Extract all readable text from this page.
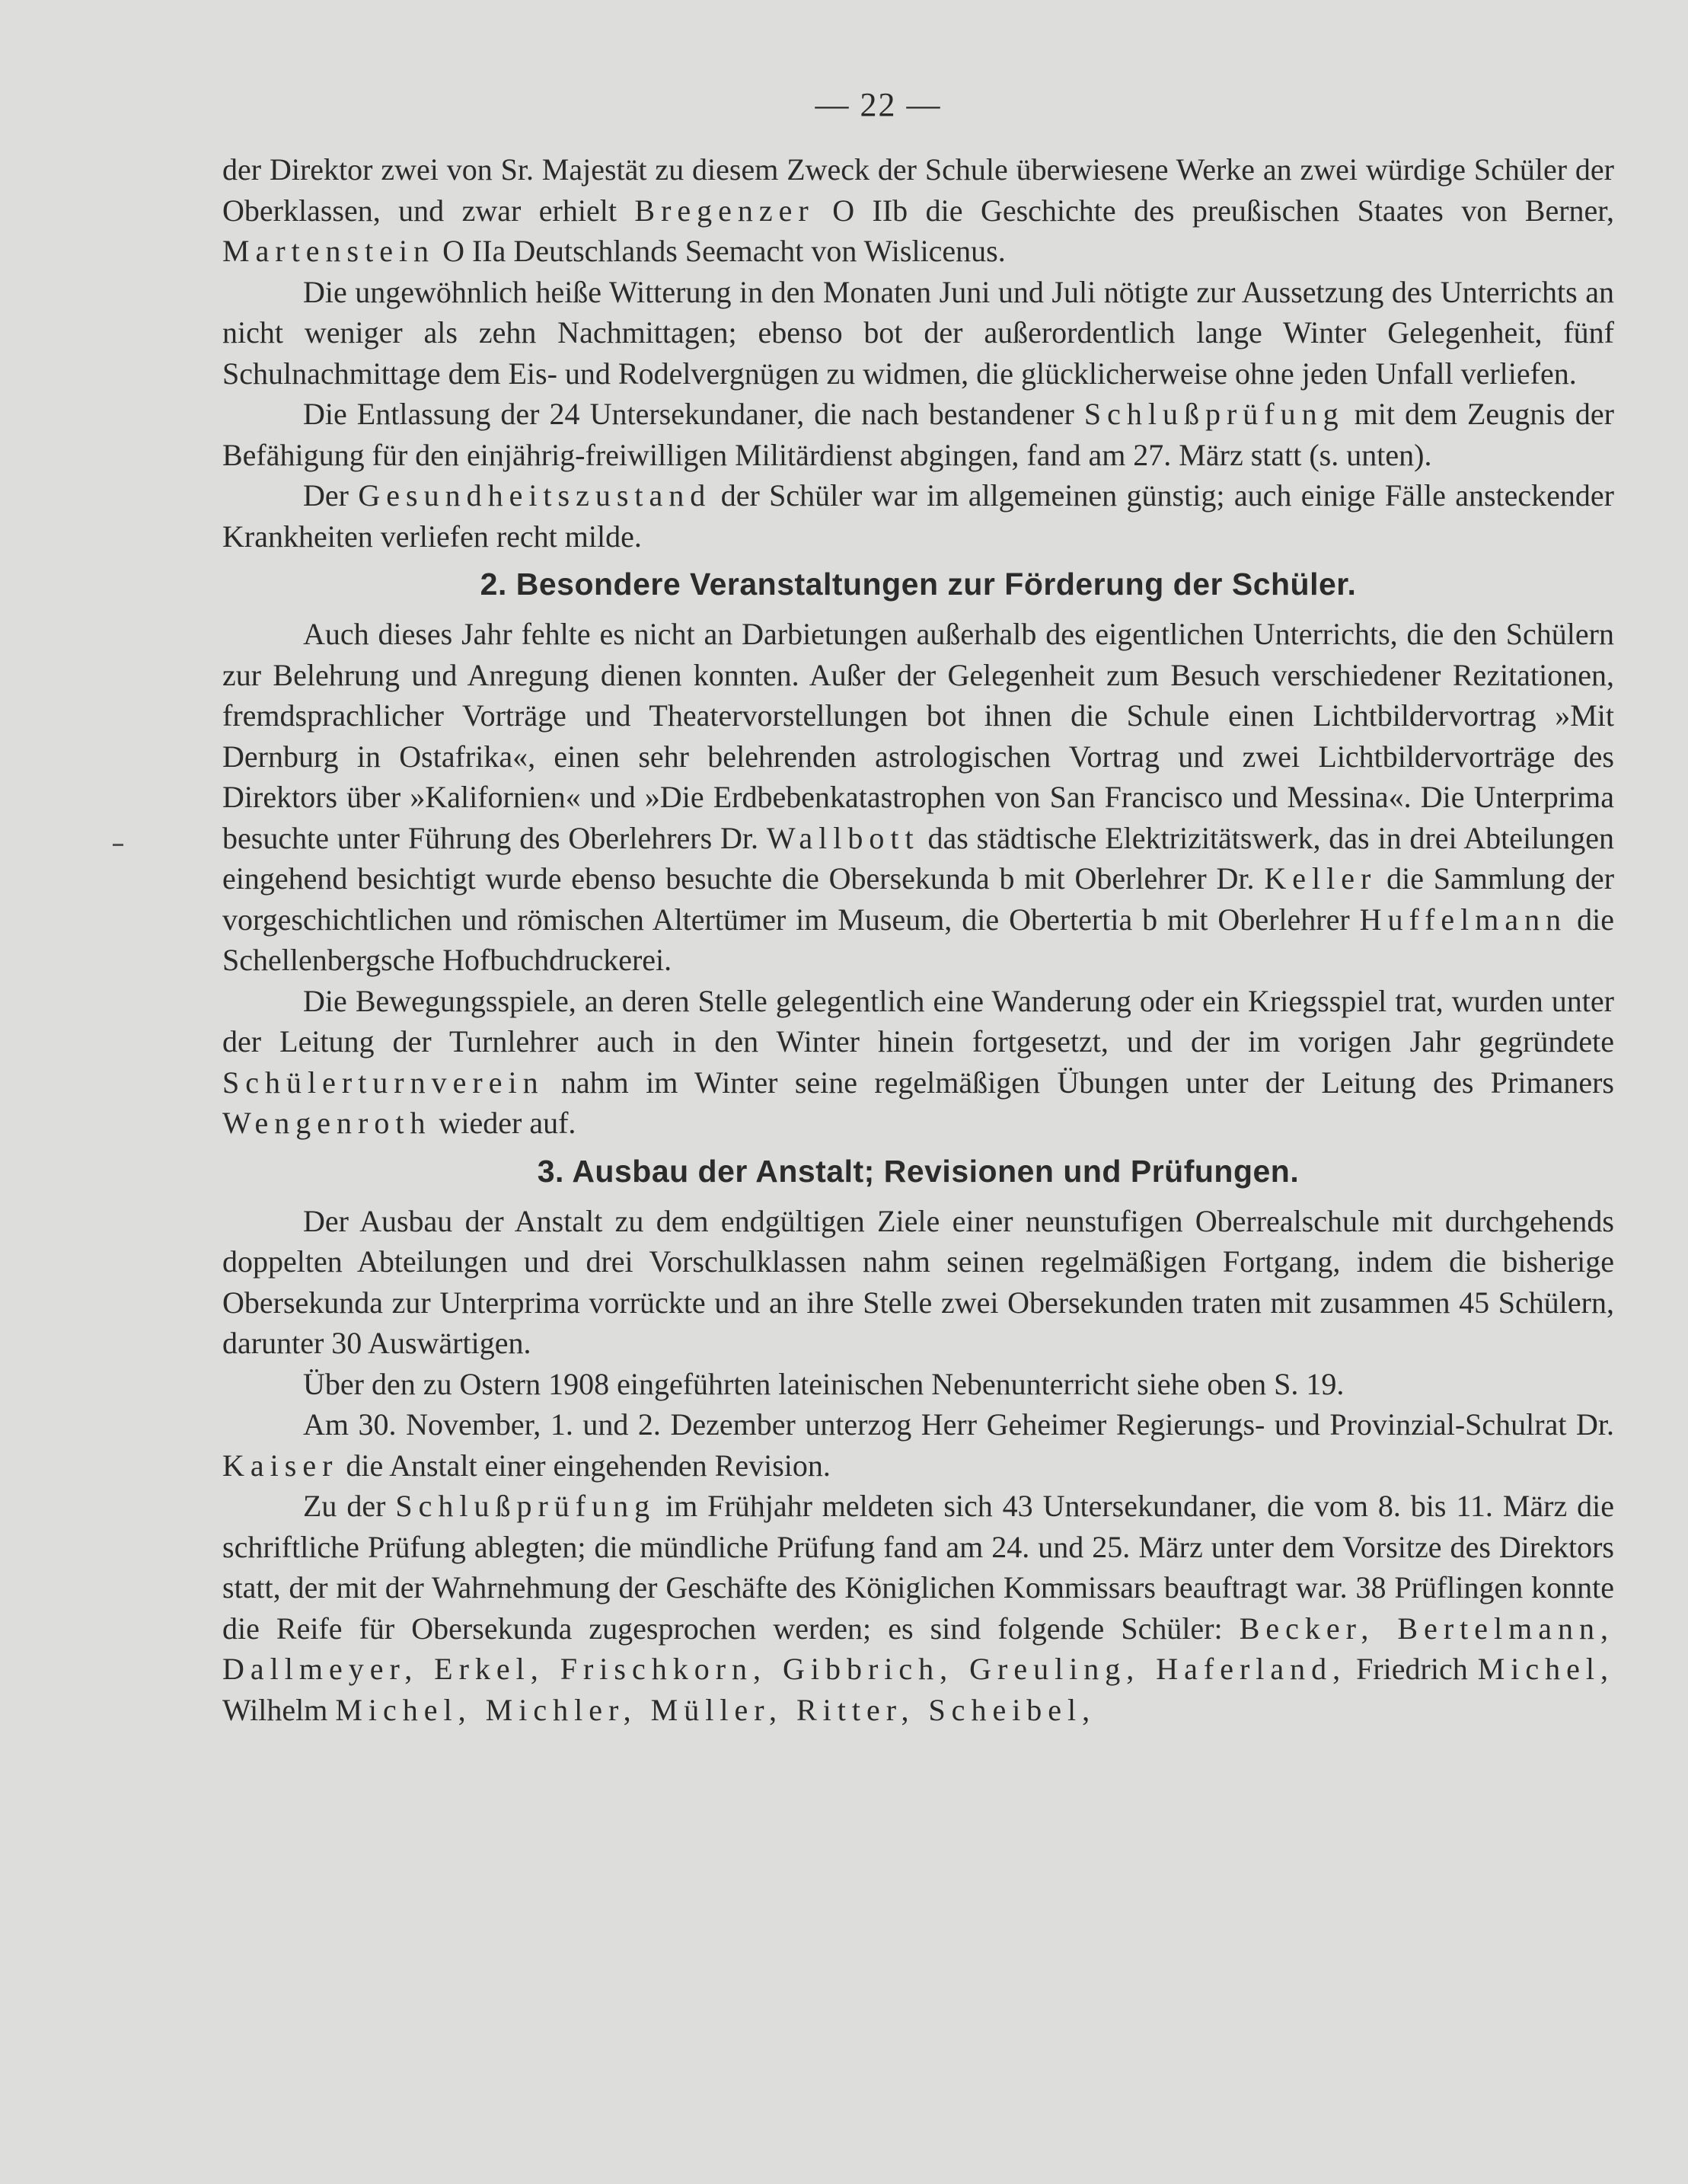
— 22 —

der Direktor zwei von Sr. Majestät zu diesem Zweck der Schule überwiesene Werke an zwei würdige Schüler der Oberklassen, und zwar erhielt Bregenzer O IIb die Geschichte des preußischen Staates von Berner, Martenstein O IIa Deutschlands Seemacht von Wislicenus.

Die ungewöhnlich heiße Witterung in den Monaten Juni und Juli nötigte zur Aussetzung des Unterrichts an nicht weniger als zehn Nachmittagen; ebenso bot der außerordentlich lange Winter Gelegenheit, fünf Schulnachmittage dem Eis- und Rodelvergnügen zu widmen, die glücklicherweise ohne jeden Unfall verliefen.

Die Entlassung der 24 Untersekundaner, die nach bestandener Schlußprüfung mit dem Zeugnis der Befähigung für den einjährig-freiwilligen Militärdienst abgingen, fand am 27. März statt (s. unten).

Der Gesundheitszustand der Schüler war im allgemeinen günstig; auch einige Fälle ansteckender Krankheiten verliefen recht milde.

2. Besondere Veranstaltungen zur Förderung der Schüler.

Auch dieses Jahr fehlte es nicht an Darbietungen außerhalb des eigentlichen Unterrichts, die den Schülern zur Belehrung und Anregung dienen konnten. Außer der Gelegenheit zum Besuch verschiedener Rezitationen, fremdsprachlicher Vorträge und Theatervorstellungen bot ihnen die Schule einen Lichtbildervortrag »Mit Dernburg in Ostafrika«, einen sehr belehrenden astrologischen Vortrag und zwei Lichtbildervorträge des Direktors über »Kalifornien« und »Die Erdbebenkatastrophen von San Francisco und Messina«. Die Unterprima besuchte unter Führung des Oberlehrers Dr. Wallbott das städtische Elektrizitätswerk, das in drei Abteilungen eingehend besichtigt wurde ebenso besuchte die Obersekunda b mit Oberlehrer Dr. Keller die Sammlung der vorgeschichtlichen und römischen Altertümer im Museum, die Obertertia b mit Oberlehrer Huffelmann die Schellenbergsche Hofbuchdruckerei.

Die Bewegungsspiele, an deren Stelle gelegentlich eine Wanderung oder ein Kriegsspiel trat, wurden unter der Leitung der Turnlehrer auch in den Winter hinein fortgesetzt, und der im vorigen Jahr gegründete Schülerturnverein nahm im Winter seine regelmäßigen Übungen unter der Leitung des Primaners Wengenroth wieder auf.

3. Ausbau der Anstalt; Revisionen und Prüfungen.

Der Ausbau der Anstalt zu dem endgültigen Ziele einer neunstufigen Oberrealschule mit durchgehends doppelten Abteilungen und drei Vorschulklassen nahm seinen regelmäßigen Fortgang, indem die bisherige Obersekunda zur Unterprima vorrückte und an ihre Stelle zwei Obersekunden traten mit zusammen 45 Schülern, darunter 30 Auswärtigen.

Über den zu Ostern 1908 eingeführten lateinischen Nebenunterricht siehe oben S. 19.

Am 30. November, 1. und 2. Dezember unterzog Herr Geheimer Regierungs- und Provinzial-Schulrat Dr. Kaiser die Anstalt einer eingehenden Revision.

Zu der Schlußprüfung im Frühjahr meldeten sich 43 Untersekundaner, die vom 8. bis 11. März die schriftliche Prüfung ablegten; die mündliche Prüfung fand am 24. und 25. März unter dem Vorsitze des Direktors statt, der mit der Wahrnehmung der Geschäfte des Königlichen Kommissars beauftragt war. 38 Prüflingen konnte die Reife für Obersekunda zugesprochen werden; es sind folgende Schüler: Becker, Bertelmann, Dallmeyer, Erkel, Frischkorn, Gibbrich, Greuling, Haferland, Friedrich Michel, Wilhelm Michel, Michler, Müller, Ritter, Scheibel,
